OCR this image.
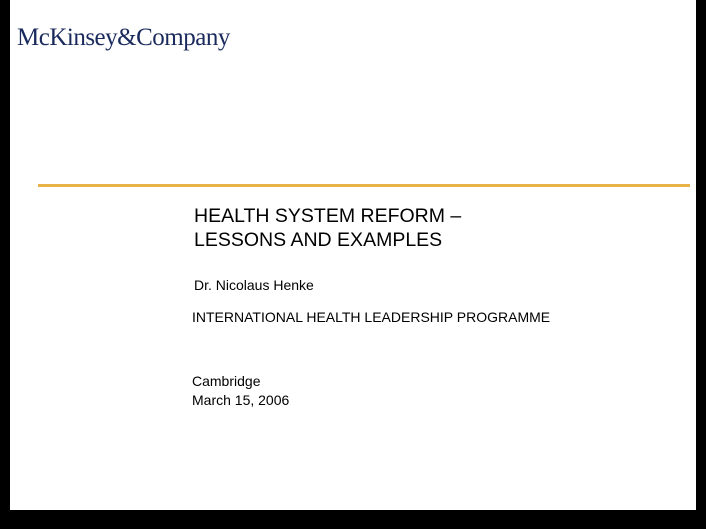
McKinsey&Company
HEALTH SYSTEM REFORM –
LESSONS AND EXAMPLES
Dr. Nicolaus Henke
INTERNATIONAL HEALTH LEADERSHIP PROGRAMME
Cambridge
March 15, 2006
